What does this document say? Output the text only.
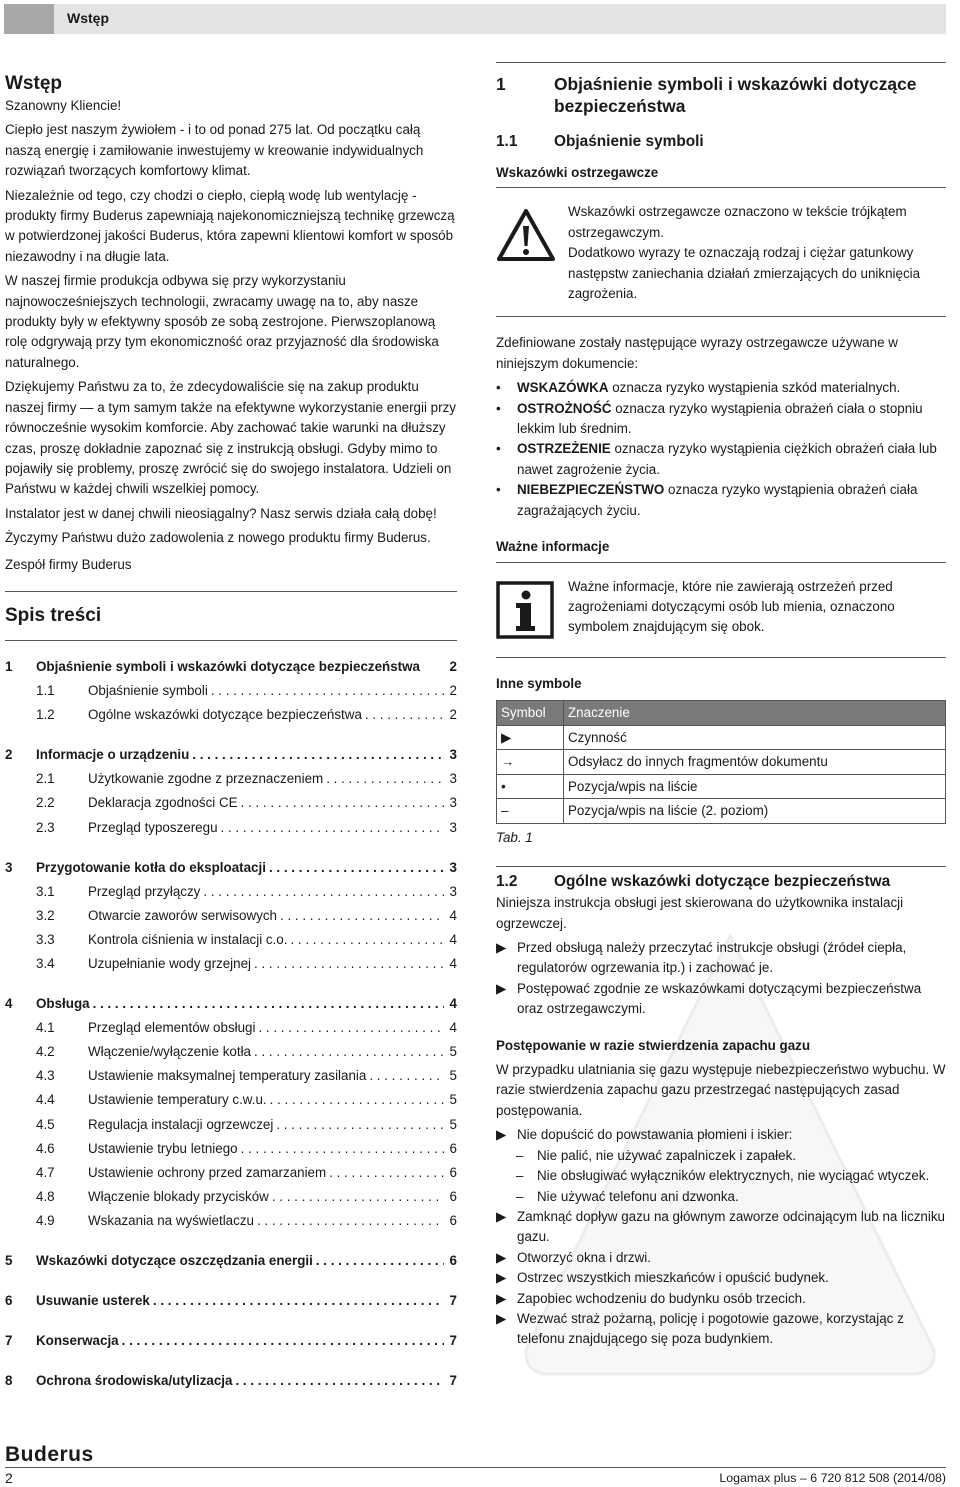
Wstęp
Wstęp
Szanowny Kliencie!
Ciepło jest naszym żywiołem - i to od ponad 275 lat. Od początku całą naszą energię i zamiłowanie inwestujemy w kreowanie indywidualnych rozwiązań tworzących komfortowy klimat.
Niezależnie od tego, czy chodzi o ciepło, ciepłą wodę lub wentylację - produkty firmy Buderus zapewniają najekonomiczniejszą technikę grzewczą w potwierdzonej jakości Buderus, która zapewni klientowi komfort w sposób niezawodny i na długie lata.
W naszej firmie produkcja odbywa się przy wykorzystaniu najnowocześniejszych technologii, zwracamy uwagę na to, aby nasze produkty były w efektywny sposób ze sobą zestrojone. Pierwszoplanową rolę odgrywają przy tym ekonomiczność oraz przyjazność dla środowiska naturalnego.
Dziękujemy Państwu za to, że zdecydowaliście się na zakup produktu naszej firmy — a tym samym także na efektywne wykorzystanie energii przy równocześnie wysokim komforcie. Aby zachować takie warunki na dłuższy czas, proszę dokładnie zapoznać się z instrukcją obsługi. Gdyby mimo to pojawiły się problemy, proszę zwrócić się do swojego instalatora. Udzieli on Państwu w każdej chwili wszelkiej pomocy.
Instalator jest w danej chwili nieosiągalny? Nasz serwis działa całą dobę!
Życzymy Państwu dużo zadowolenia z nowego produktu firmy Buderus.
Zespół firmy Buderus
Spis treści
1	Objaśnienie symboli i wskazówki dotyczące bezpieczeństwa 2
1.1	Objaśnienie symboli . . .	2
1.2	Ogólne wskazówki dotyczące bezpieczeństwa . . .	2
2	Informacje o urządzeniu . . .	3
2.1	Użytkowanie zgodne z przeznaczeniem . . .	3
2.2	Deklaracja zgodności CE . . .	3
2.3	Przegląd typoszeregu . . .	3
3	Przygotowanie kotła do eksploatacji . . .	3
3.1	Przegląd przyłączy . . .	3
3.2	Otwarcie zaworów serwisowych . . .	4
3.3	Kontrola ciśnienia w instalacji c.o. . . .	4
3.4	Uzupełnianie wody grzejnej . . .	4
4	Obsługa . . .	4
4.1	Przegląd elementów obsługi . . .	4
4.2	Włączenie/wyłączenie kotła . . .	5
4.3	Ustawienie maksymalnej temperatury zasilania . . .	5
4.4	Ustawienie temperatury c.w.u. . . .	5
4.5	Regulacja instalacji ogrzewczej . . .	5
4.6	Ustawienie trybu letniego . . .	6
4.7	Ustawienie ochrony przed zamarzaniem . . .	6
4.8	Włączenie blokady przycisków . . .	6
4.9	Wskazania na wyświetlaczu . . .	6
5	Wskazówki dotyczące oszczędzania energii . . .	6
6	Usuwanie usterek . . .	7
7	Konserwacja . . .	7
8	Ochrona środowiska/utylizacja . . .	7
1	Objaśnienie symboli i wskazówki dotyczące bezpieczeństwa
1.1	Objaśnienie symboli
Wskazówki ostrzegawcze
Wskazówki ostrzegawcze oznaczono w tekście trójkątem ostrzegawczym.
Dodatkowo wyrazy te oznaczają rodzaj i ciężar gatunkowy następstw zaniechania działań zmierzających do uniknięcia zagrożenia.
Zdefiniowane zostały następujące wyrazy ostrzegawcze używane w niniejszym dokumencie:
•	WSKAZÓWKA oznacza ryzyko wystąpienia szkód materialnych.
•	OSTROŻNOŚĆ oznacza ryzyko wystąpienia obrażeń ciała o stopniu lekkim lub średnim.
•	OSTRZEŻENIE oznacza ryzyko wystąpienia ciężkich obrażeń ciała lub nawet zagrożenie życia.
•	NIEBEZPIECZEŃSTWO oznacza ryzyko wystąpienia obrażeń ciała zagrażających życiu.
Ważne informacje
Ważne informacje, które nie zawierają ostrzeżeń przed zagrożeniami dotyczącymi osób lub mienia, oznaczono symbolem znajdującym się obok.
Inne symbole
Symbol	Znaczenie
▶	Czynność
→	Odsyłacz do innych fragmentów dokumentu
•	Pozycja/wpis na liście
–	Pozycja/wpis na liście (2. poziom)
Tab. 1
1.2	Ogólne wskazówki dotyczące bezpieczeństwa
Niniejsza instrukcja obsługi jest skierowana do użytkownika instalacji ogrzewczej.
▶ Przed obsługą należy przeczytać instrukcje obsługi (źródeł ciepła, regulatorów ogrzewania itp.) i zachować je.
▶ Postępować zgodnie ze wskazówkami dotyczącymi bezpieczeństwa oraz ostrzegawczymi.
Postępowanie w razie stwierdzenia zapachu gazu
W przypadku ulatniania się gazu występuje niebezpieczeństwo wybuchu. W razie stwierdzenia zapachu gazu przestrzegać następujących zasad postępowania.
▶ Nie dopuścić do powstawania płomieni i iskier:
–	Nie palić, nie używać zapalniczek i zapałek.
–	Nie obsługiwać wyłączników elektrycznych, nie wyciągać wtyczek.
–	Nie używać telefonu ani dzwonka.
▶ Zamknąć dopływ gazu na głównym zaworze odcinającym lub na liczniku gazu.
▶ Otworzyć okna i drzwi.
▶ Ostrzec wszystkich mieszkańców i opuścić budynek.
▶ Zapobiec wchodzeniu do budynku osób trzecich.
▶ Wezwać straż pożarną, policję i pogotowie gazowe, korzystając z telefonu znajdującego się poza budynkiem.
Buderus
2	Logamax plus – 6 720 812 508 (2014/08)
